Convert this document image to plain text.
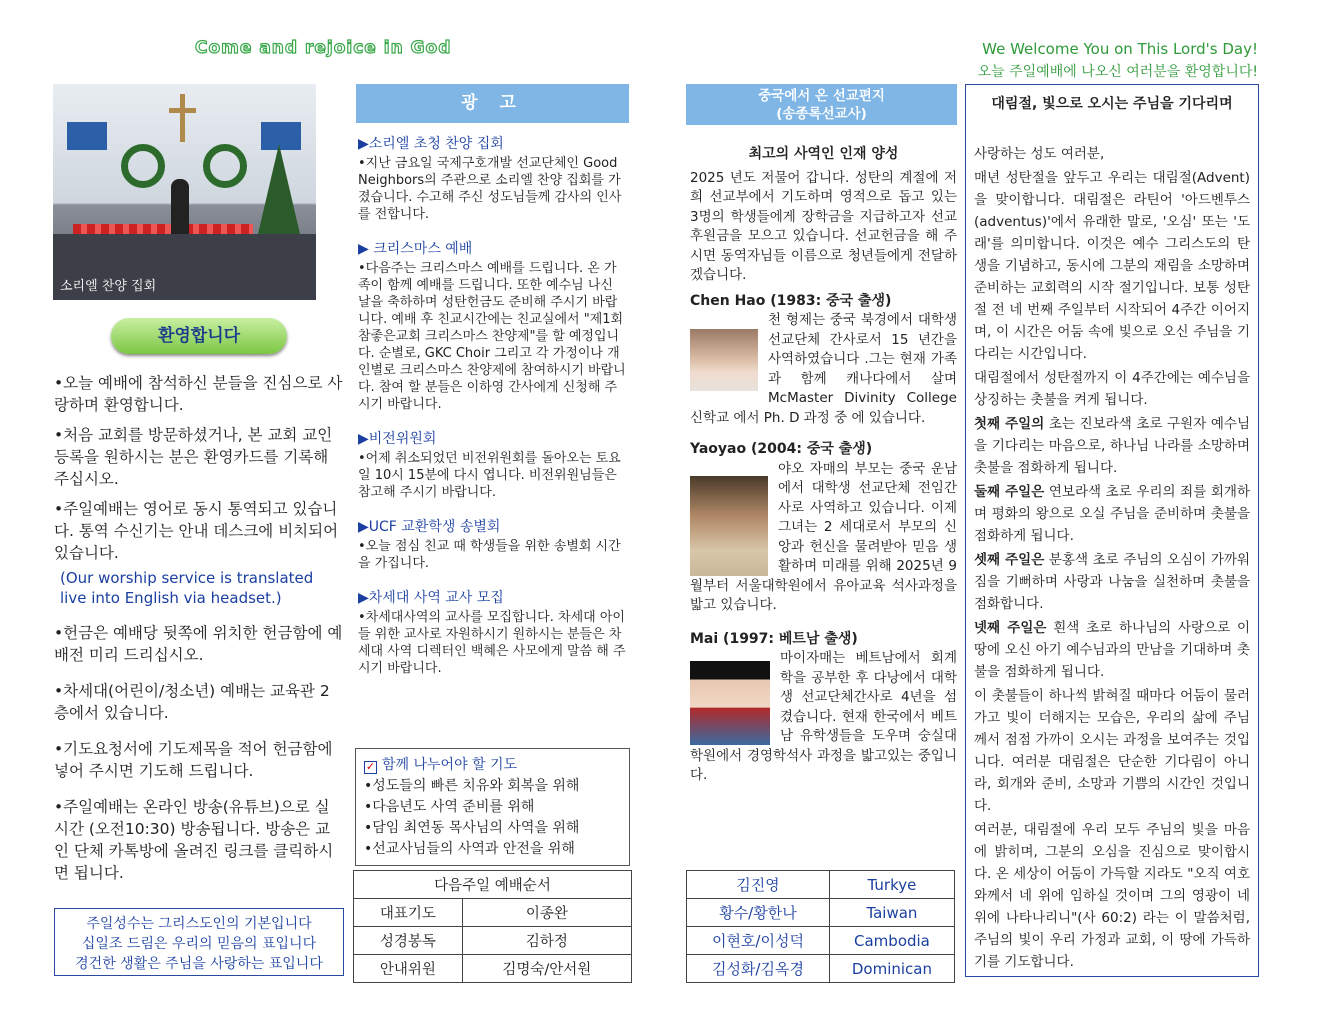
Come and rejoice in God	We Welcome You on This Lord's Day!
오늘 주일예배에 나오신 여러분을 환영합니다!
소리엘 찬양 집회
환영합니다
•오늘 예배에 참석하신 분들을 진심으로 사랑하며 환영합니다.
•처음 교회를 방문하셨거나, 본 교회 교인 등록을 원하시는 분은 환영카드를 기록해 주십시오.
•주일예배는 영어로 동시 통역되고 있습니다. 통역 수신기는 안내 데스크에 비치되어 있습니다.
(Our worship service is translated live into English via headset.)
•헌금은 예배당 뒷쪽에 위치한 헌금함에 예배전 미리 드리십시오.
•차세대(어린이/청소년) 예배는 교육관 2층에서 있습니다.
•기도요청서에 기도제목을 적어 헌금함에 넣어 주시면 기도해 드립니다.
•주일예배는 온라인 방송(유튜브)으로 실시간 (오전10:30) 방송됩니다. 방송은 교인 단체 카톡방에 올려진 링크를 클릭하시면 됩니다.
주일성수는 그리스도인의 기본입니다
십일조 드림은 우리의 믿음의 표입니다
경건한 생활은 주님을 사랑하는 표입니다
광 고
▶소리엘 초청 찬양 집회
•지난 금요일 국제구호개발 선교단체인 Good Neighbors의 주관으로 소리엘 찬양 집회를 가졌습니다. 수고해 주신 성도님들께 감사의 인사를 전합니다.
▶ 크리스마스 예배
•다음주는 크리스마스 예배를 드립니다. 온 가족이 함께 예배를 드립니다. 또한 예수님 나신 날을 축하하며 성탄헌금도 준비해 주시기 바랍니다. 예배 후 친교시간에는 친교실에서 "제1회 참좋은교회 크리스마스 찬양제"를 할 예정입니다. 순별로, GKC Choir 그리고 각 가정이나 개인별로 크리스마스 찬양제에 참여하시기 바랍니다. 참여 할 분들은 이하영 간사에게 신청해 주시기 바랍니다.
▶비전위원회
•어제 취소되었던 비전위원회를 돌아오는 토요일 10시 15분에 다시 엽니다. 비전위원님들은 참고해 주시기 바랍니다.
▶UCF 교환학생 송별회
•오늘 점심 친교 때 학생들을 위한 송별회 시간을 가집니다.
▶차세대 사역 교사 모집
•차세대사역의 교사를 모집합니다. 차세대 아이들 위한 교사로 자원하시기 원하시는 분들은 차세대 사역 디렉터인 백혜은 사모에게 말씀 해 주시기 바랍니다.
✓ 함께 나누어야 할 기도
•성도들의 빠른 치유와 회복을 위해
•다음년도 사역 준비를 위해
•담임 최연동 목사님의 사역을 위해
•선교사님들의 사역과 안전을 위해
다음주일 예배순서	
대표기도	이종완
성경봉독	김하정
안내위원	김명숙/안서원
중국에서 온 선교편지
(송종록선교사)
최고의 사역인 인재 양성
2025 년도 저물어 갑니다. 성탄의 계절에 저희 선교부에서 기도하며 영적으로 돕고 있는 3명의 학생들에게 장학금을 지급하고자 선교후원금을 모으고 있습니다. 선교헌금을 해 주시면 동역자님들 이름으로 청년들에게 전달하겠습니다.
Chen Hao (1983: 중국 출생)
천 형제는 중국 북경에서 대학생 선교단체 간사로서 15 년간을 사역하였습니다 .그는 현재 가족과 함께 캐나다에서 살며 McMaster Divinity College 신학교 에서 Ph. D 과정 중 에 있습니다.
Yaoyao (2004: 중국 출생)
야오 자매의 부모는 중국 운남에서 대학생 선교단체 전임간사로 사역하고 있습니다. 이제 그녀는 2 세대로서 부모의 신앙과 헌신을 물려받아 믿음 생활하며 미래를 위해 2025년 9월부터 서울대학원에서 유아교육 석사과정을 밟고 있습니다.
Mai (1997: 베트남 출생)
마이자매는 베트남에서 회계학을 공부한 후 다낭에서 대학생 선교단체간사로 4년을 섬겼습니다. 현재 한국에서 베트남 유학생들을 도우며 숭실대학원에서 경영학석사 과정을 밟고있는 중입니다.
김진영	Turkye
황수/황한나	Taiwan
이현호/이성덕	Cambodia
김성화/김옥경	Dominican
대림절, 빛으로 오시는 주님을 기다리며

사랑하는 성도 여러분,

매년 성탄절을 앞두고 우리는 대림절(Advent)을 맞이합니다. 대림절은 라틴어 '아드벤투스(adventus)'에서 유래한 말로, '오심' 또는 '도래'를 의미합니다. 이것은 예수 그리스도의 탄생을 기념하고, 동시에 그분의 재림을 소망하며 준비하는 교회력의 시작 절기입니다. 보통 성탄절 전 네 번째 주일부터 시작되어 4주간 이어지며, 이 시간은 어둠 속에 빛으로 오신 주님을 기다리는 시간입니다.

대림절에서 성탄절까지 이 4주간에는 예수님을 상징하는 촛불을 켜게 됩니다.

첫째 주일의 초는 진보라색 초로 구원자 예수님을 기다리는 마음으로, 하나님 나라를 소망하며 촛불을 점화하게 됩니다.

둘째 주일은 연보라색 초로 우리의 죄를 회개하며 평화의 왕으로 오실 주님을 준비하며 촛불을 점화하게 됩니다.

셋째 주일은 분홍색 초로 주님의 오심이 가까워짐을 기뻐하며 사랑과 나눔을 실천하며 촛불을 점화합니다.

넷째 주일은 흰색 초로 하나님의 사랑으로 이 땅에 오신 아기 예수님과의 만남을 기대하며 촛불을 점화하게 됩니다.

이 촛불들이 하나씩 밝혀질 때마다 어둠이 물러가고 빛이 더해지는 모습은, 우리의 삶에 주님께서 점점 가까이 오시는 과정을 보여주는 것입니다. 여러분 대림절은 단순한 기다림이 아니라, 회개와 준비, 소망과 기쁨의 시간인 것입니다.

여러분, 대림절에 우리 모두 주님의 빛을 마음에 밝히며, 그분의 오심을 진심으로 맞이합시다. 온 세상이 어둠이 가득할 지라도 "오직 여호와께서 네 위에 임하실 것이며 그의 영광이 네 위에 나타나리니"(사 60:2) 라는 이 말씀처럼, 주님의 빛이 우리 가정과 교회, 이 땅에 가득하기를 기도합니다.
